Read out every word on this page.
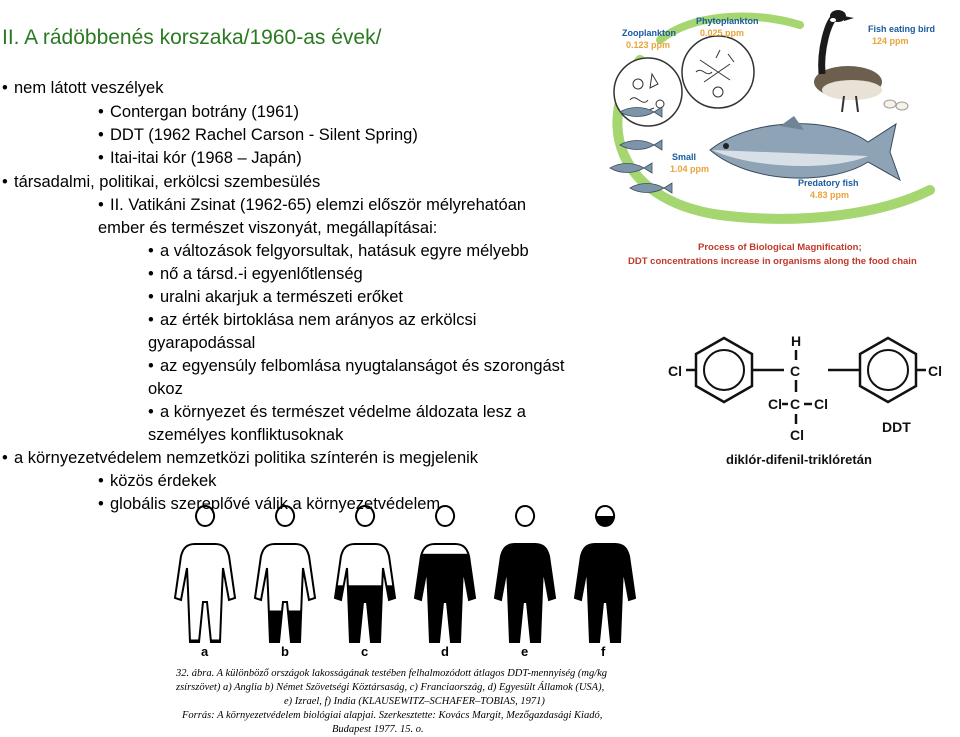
II. A rádöbbenés korszaka/1960-as évek/
• nem látott veszélyek
• Contergan botrány (1961)
• DDT (1962 Rachel Carson - Silent Spring)
• Itai-itai kór (1968 – Japán)
• társadalmi, politikai, erkölcsi szembesülés
• II. Vatikáni Zsinat (1962-65) elemzi először mélyrehatóan
ember és természet viszonyát, megállapításai:
• a változások felgyorsultak, hatásuk egyre mélyebb
• nő a társd.-i egyenlőtlenség
• uralni akarjuk a természeti erőket
• az érték birtoklása nem arányos az erkölcsi
gyarapodással
• az egyensúly felbomlása nyugtalanságot és szorongást
okoz
• a környezet és természet védelme áldozata lesz a
személyes konfliktusoknak
• a környezetvédelem nemzetközi politika színterén is megjelenik
• közös érdekek
• globális szereplővé válik a környezetvédelem
Zooplankton
0.123 ppm
Phytoplankton
0.025 ppm	Fish eating bird
124 ppm
Small
1.04 ppm
Predatory fish
4.83 ppm
Process of Biological Magnification;
DDT concentrations increase in organisms along the food chain
Cl	Cl
H
C
Cl C Cl
Cl	DDT
diklór-difenil-triklóretán
a	b	c	d	e	f
32. ábra. A különböző országok lakosságának testében felhalmozódott átlagos DDT-mennyiség (mg/kg
zsírszövet) a) Anglia b) Német Szövetségi Köztársaság, c) Franciaország, d) Egyesült Államok (USA),
e) Izrael, f) India (KLAUSEWITZ–SCHAFER–TOBIAS, 1971)
Forrás: A környezetvédelem biológiai alapjai. Szerkesztette: Kovács Margit, Mezőgazdasági Kiadó,
Budapest 1977. 15. o.
